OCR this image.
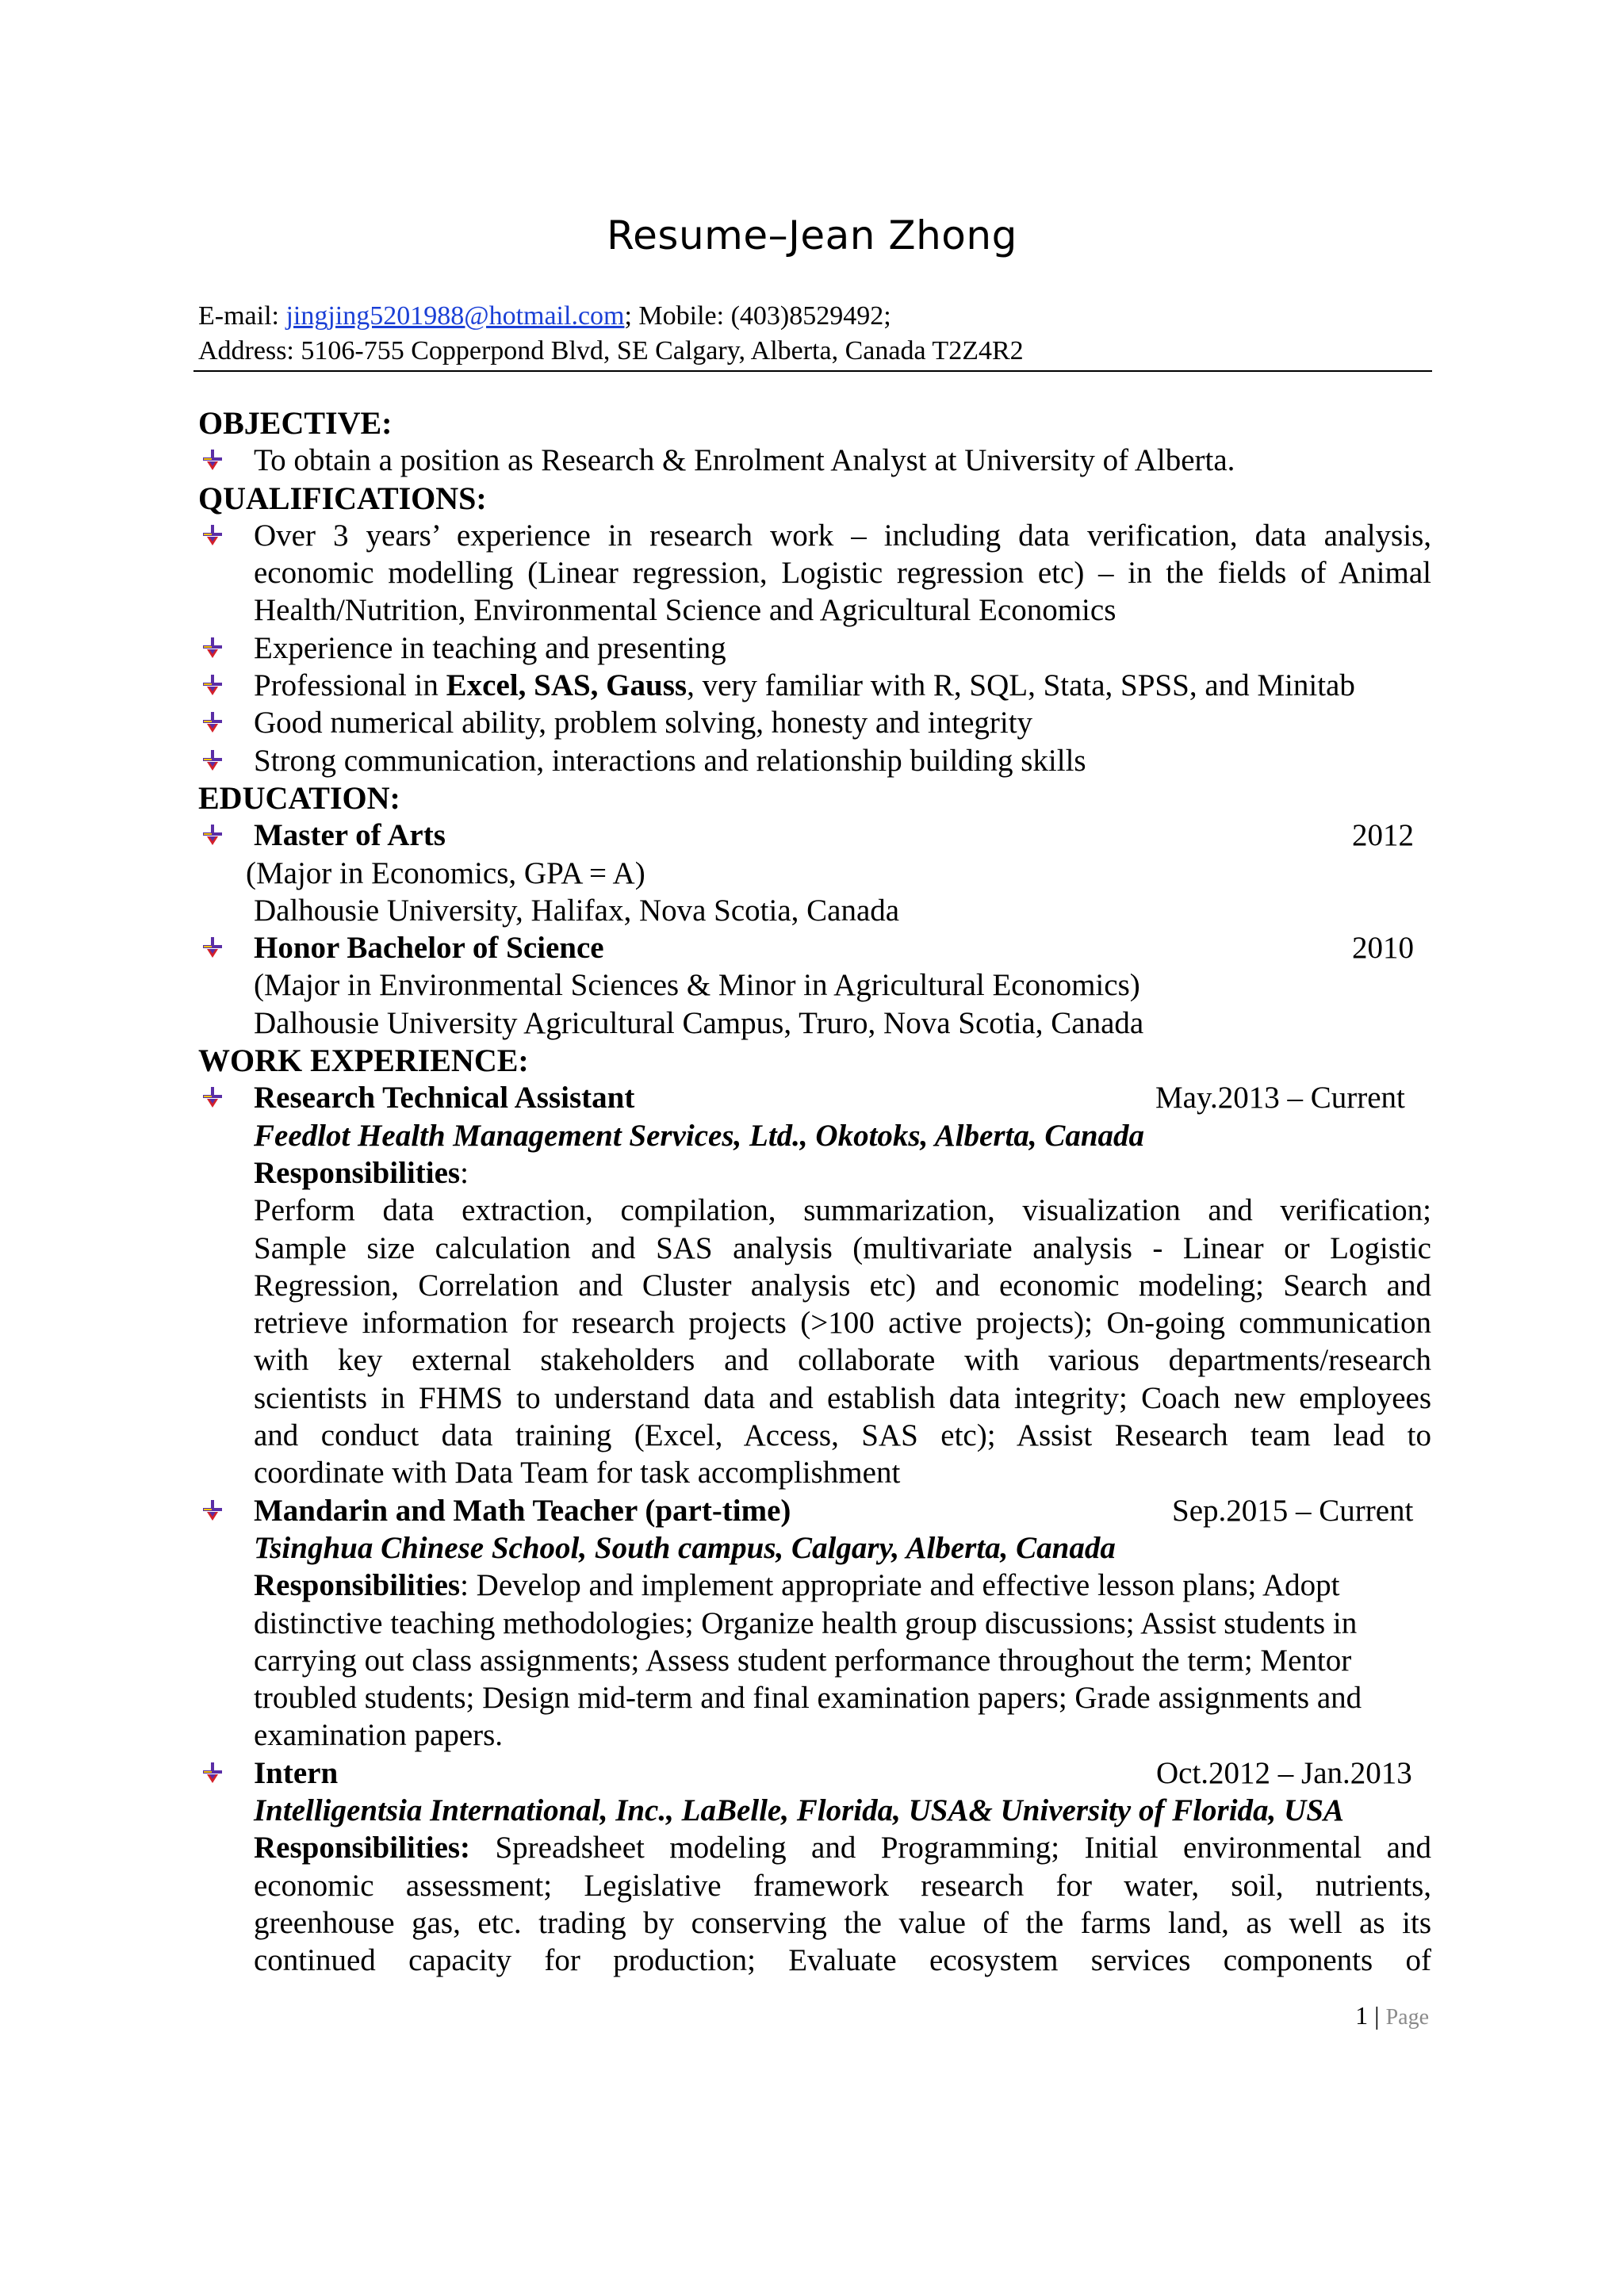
Resume–Jean Zhong
E-mail: jingjing5201988@hotmail.com; Mobile: (403)8529492;
Address: 5106-755 Copperpond Blvd, SE Calgary, Alberta, Canada T2Z4R2
OBJECTIVE:
To obtain a position as Research & Enrolment Analyst at University of Alberta.
QUALIFICATIONS:
Over 3 years’ experience in research work – including data verification, data analysis,
economic modelling (Linear regression, Logistic regression etc) – in the fields of Animal
Health/Nutrition, Environmental Science and Agricultural Economics
Experience in teaching and presenting
Professional in Excel, SAS, Gauss, very familiar with R, SQL, Stata, SPSS, and Minitab
Good numerical ability, problem solving, honesty and integrity
Strong communication, interactions and relationship building skills
EDUCATION:
Master of Arts	2012
(Major in Economics, GPA = A)
Dalhousie University, Halifax, Nova Scotia, Canada
Honor Bachelor of Science	2010
(Major in Environmental Sciences & Minor in Agricultural Economics)
Dalhousie University Agricultural Campus, Truro, Nova Scotia, Canada
WORK EXPERIENCE:
Research Technical Assistant	May.2013 – Current
Feedlot Health Management Services, Ltd., Okotoks, Alberta, Canada
Responsibilities:
Perform data extraction, compilation, summarization, visualization and verification;
Sample size calculation and SAS analysis (multivariate analysis - Linear or Logistic
Regression, Correlation and Cluster analysis etc) and economic modeling; Search and
retrieve information for research projects (>100 active projects); On-going communication
with key external stakeholders and collaborate with various departments/research
scientists in FHMS to understand data and establish data integrity; Coach new employees
and conduct data training (Excel, Access, SAS etc); Assist Research team lead to
coordinate with Data Team for task accomplishment
Mandarin and Math Teacher (part-time)	Sep.2015 – Current
Tsinghua Chinese School, South campus, Calgary, Alberta, Canada
Responsibilities: Develop and implement appropriate and effective lesson plans; Adopt
distinctive teaching methodologies; Organize health group discussions; Assist students in
carrying out class assignments; Assess student performance throughout the term; Mentor
troubled students; Design mid-term and final examination papers; Grade assignments and
examination papers.
Intern	Oct.2012 – Jan.2013
Intelligentsia International, Inc., LaBelle, Florida, USA& University of Florida, USA
Responsibilities: Spreadsheet modeling and Programming; Initial environmental and
economic assessment; Legislative framework research for water, soil, nutrients,
greenhouse gas, etc. trading by conserving the value of the farms land, as well as its
continued capacity for production; Evaluate ecosystem services components of
1 | Page
